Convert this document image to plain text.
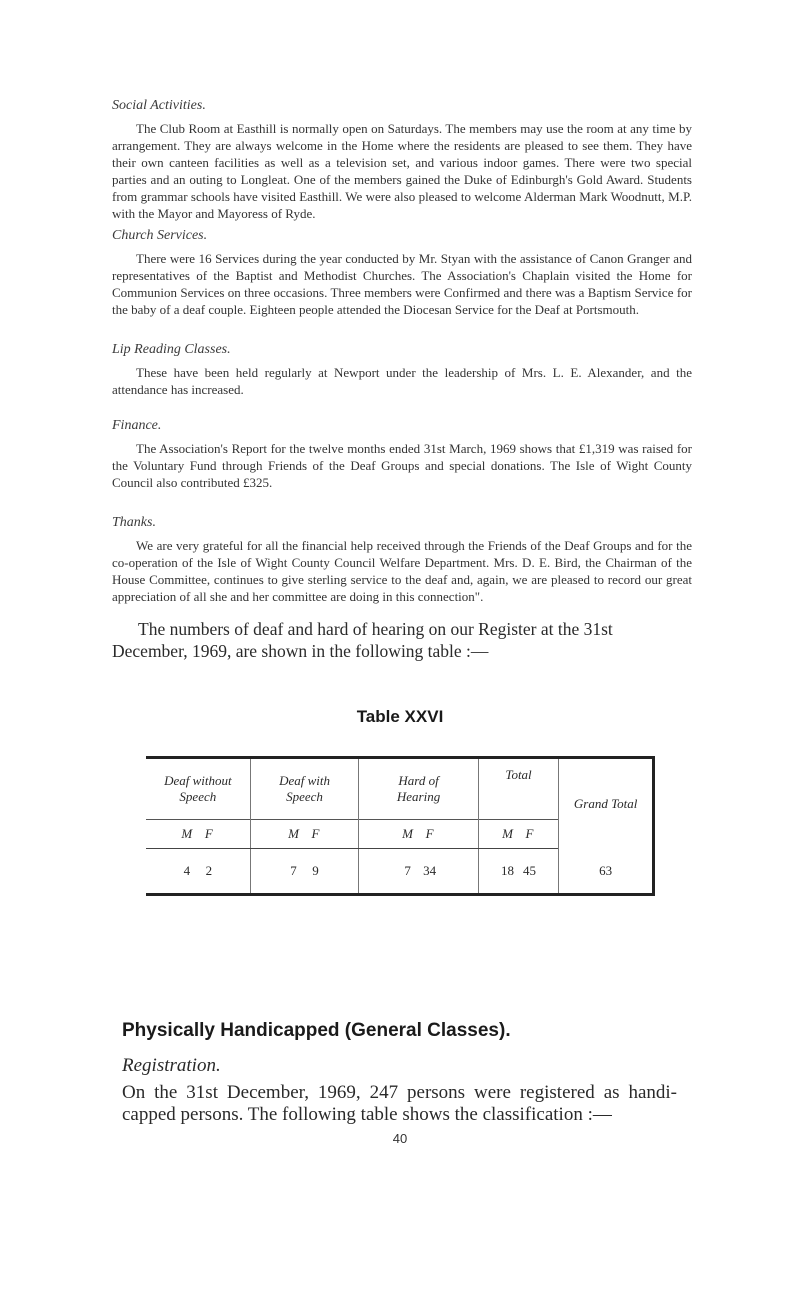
Social Activities.

The Club Room at Easthill is normally open on Saturdays. The members may use the room at any time by arrangement. They are always welcome in the Home where the residents are pleased to see them. They have their own canteen facilities as well as a television set, and various indoor games. There were two special parties and an outing to Longleat. One of the members gained the Duke of Edinburgh's Gold Award. Students from grammar schools have visited Easthill. We were also pleased to welcome Alderman Mark Woodnutt, M.P. with the Mayor and Mayoress of Ryde.

Church Services.

There were 16 Services during the year conducted by Mr. Styan with the assistance of Canon Granger and representatives of the Baptist and Methodist Churches. The Association's Chaplain visited the Home for Communion Services on three occasions. Three members were Confirmed and there was a Baptism Service for the baby of a deaf couple. Eighteen people attended the Diocesan Service for the Deaf at Portsmouth.

Lip Reading Classes.

These have been held regularly at Newport under the leadership of Mrs. L. E. Alexander, and the attendance has increased.

Finance.

The Association's Report for the twelve months ended 31st March, 1969 shows that £1,319 was raised for the Voluntary Fund through Friends of the Deaf Groups and special donations. The Isle of Wight County Council also contributed £325.

Thanks.

We are very grateful for all the financial help received through the Friends of the Deaf Groups and for the co-operation of the Isle of Wight County Council Welfare Department. Mrs. D. E. Bird, the Chairman of the House Committee, continues to give sterling service to the deaf and, again, we are pleased to record our great appreciation of all she and her committee are doing in this connection".

The numbers of deaf and hard of hearing on our Register at the 31st December, 1969, are shown in the following table :—

Table XXVI
Deaf without Speech	Deaf with Speech	Hard of Hearing	Total	Grand Total
M F	M F	M F	M F	
4 2	7 9	7 34	18 45	63

Physically Handicapped (General Classes).

Registration.

On the 31st December, 1969, 247 persons were registered as handi-capped persons. The following table shows the classification :—

40
